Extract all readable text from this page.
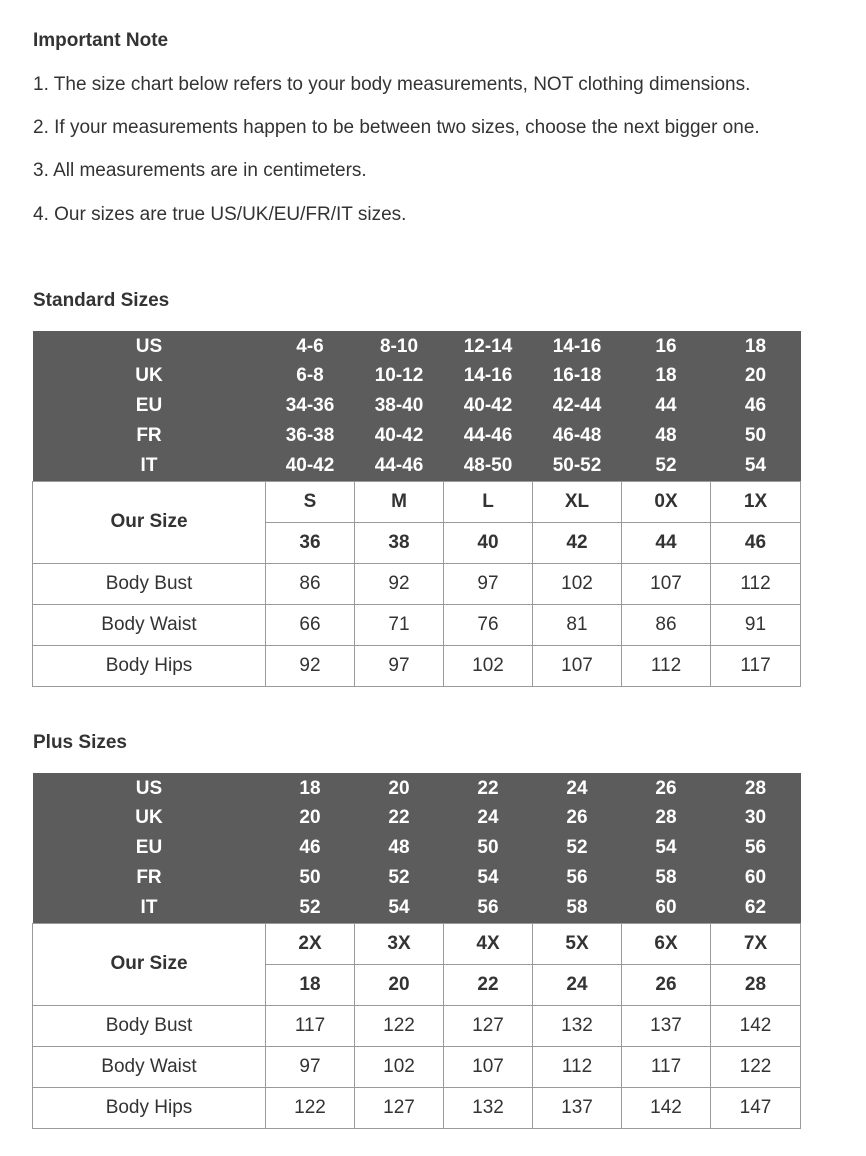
Important Note
1. The size chart below refers to your body measurements, NOT clothing dimensions.
2. If your measurements happen to be between two sizes, choose the next bigger one.
3. All measurements are in centimeters.
4. Our sizes are true US/UK/EU/FR/IT sizes.
Standard Sizes
US	4-6	8-10	12-14	14-16	16	18
UK	6-8	10-12	14-16	16-18	18	20
EU	34-36	38-40	40-42	42-44	44	46
FR	36-38	40-42	44-46	46-48	48	50
IT	40-42	44-46	48-50	50-52	52	54
Our Size	S	M	L	XL	0X	1X
	36	38	40	42	44	46
Body Bust	86	92	97	102	107	112
Body Waist	66	71	76	81	86	91
Body Hips	92	97	102	107	112	117
Plus Sizes
US	18	20	22	24	26	28
UK	20	22	24	26	28	30
EU	46	48	50	52	54	56
FR	50	52	54	56	58	60
IT	52	54	56	58	60	62
Our Size	2X	3X	4X	5X	6X	7X
	18	20	22	24	26	28
Body Bust	117	122	127	132	137	142
Body Waist	97	102	107	112	117	122
Body Hips	122	127	132	137	142	147
